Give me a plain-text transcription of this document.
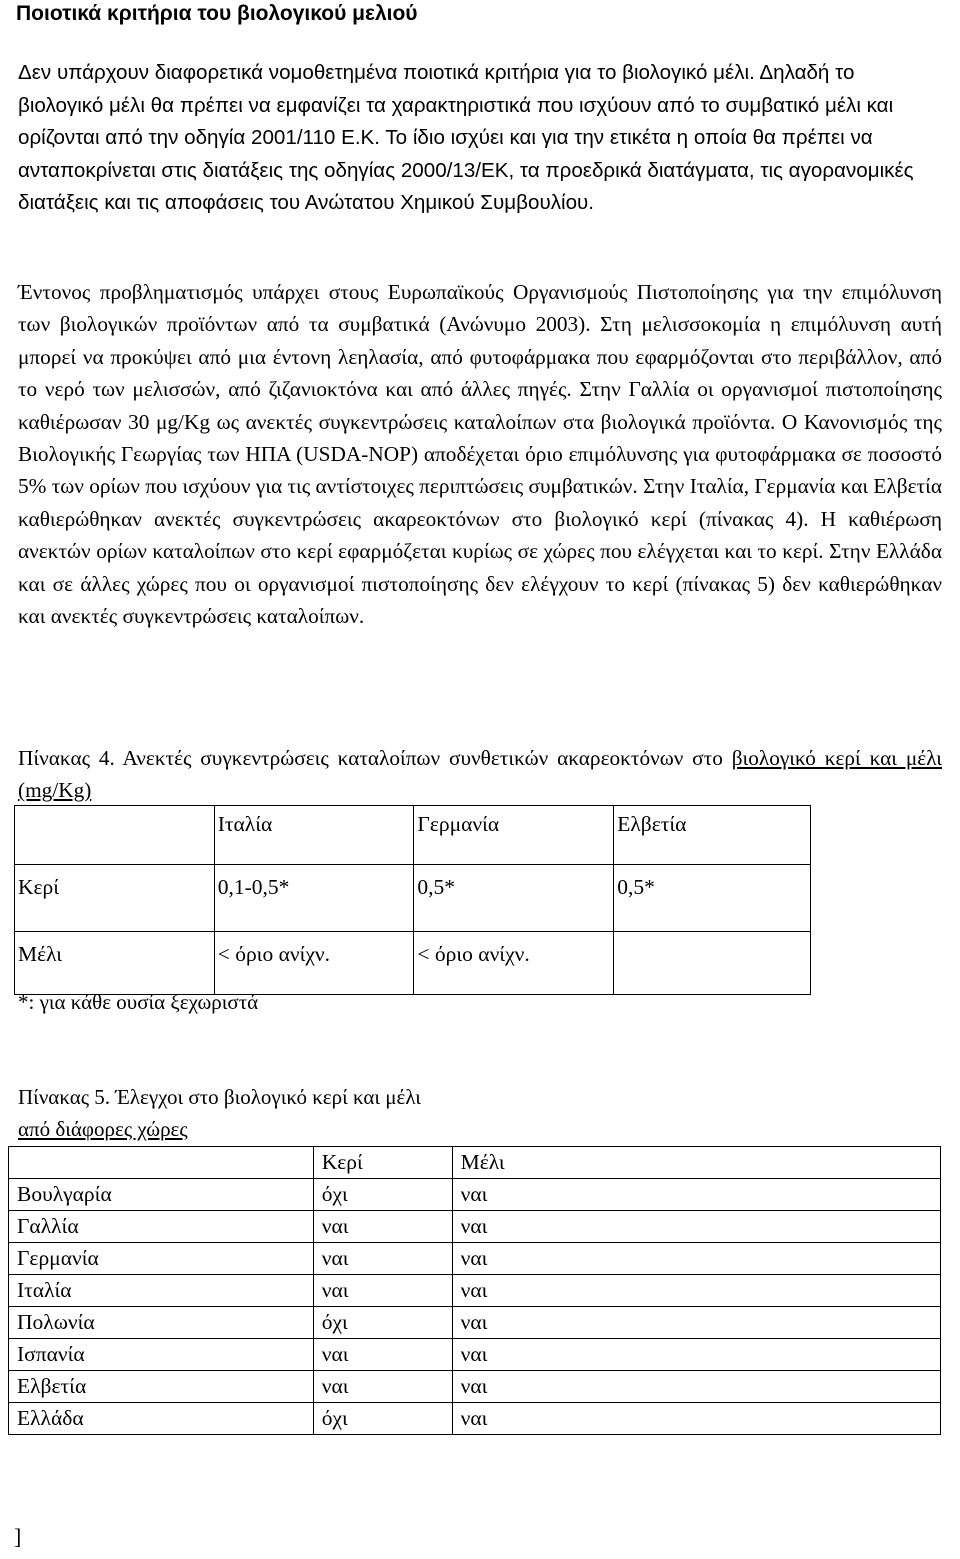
Ποιοτικά κριτήρια του βιολογικού μελιού

Δεν υπάρχουν διαφορετικά νομοθετημένα ποιοτικά κριτήρια για το βιολογικό μέλι. Δηλαδή το βιολογικό μέλι θα πρέπει να εμφανίζει τα χαρακτηριστικά που ισχύουν από το συμβατικό μέλι και ορίζονται από την οδηγία 2001/110 Ε.Κ. Το ίδιο ισχύει και για την ετικέτα η οποία θα πρέπει να ανταποκρίνεται στις διατάξεις της οδηγίας 2000/13/ΕΚ, τα προεδρικά διατάγματα, τις αγορανομικές διατάξεις και τις αποφάσεις του Ανώτατου Χημικού Συμβουλίου.

Έντονος προβληματισμός υπάρχει στους Ευρωπαϊκούς Οργανισμούς Πιστοποίησης για την επιμόλυνση των βιολογικών προϊόντων από τα συμβατικά (Ανώνυμο 2003). Στη μελισσοκομία η επιμόλυνση αυτή μπορεί να προκύψει από μια έντονη λεηλασία, από φυτοφάρμακα που εφαρμόζονται στο περιβάλλον, από το νερό των μελισσών, από ζιζανιοκτόνα και από άλλες πηγές. Στην Γαλλία οι οργανισμοί πιστοποίησης καθιέρωσαν 30 μg/Kg ως ανεκτές συγκεντρώσεις καταλοίπων στα βιολογικά προϊόντα. Ο Κανονισμός της Βιολογικής Γεωργίας των ΗΠΑ (USDA-NOP) αποδέχεται όριο επιμόλυνσης για φυτοφάρμακα σε ποσοστό 5% των ορίων που ισχύουν για τις αντίστοιχες περιπτώσεις συμβατικών. Στην Ιταλία, Γερμανία και Ελβετία καθιερώθηκαν ανεκτές συγκεντρώσεις ακαρεοκτόνων στο βιολογικό κερί (πίνακας 4). Η καθιέρωση ανεκτών ορίων καταλοίπων στο κερί εφαρμόζεται κυρίως σε χώρες που ελέγχεται και το κερί. Στην Ελλάδα και σε άλλες χώρες που οι οργανισμοί πιστοποίησης δεν ελέγχουν το κερί (πίνακας 5) δεν καθιερώθηκαν και ανεκτές συγκεντρώσεις καταλοίπων.

Πίνακας 4. Ανεκτές συγκεντρώσεις καταλοίπων συνθετικών ακαρεοκτόνων στο βιολογικό κερί και μέλι (mg/Kg)

	Ιταλία	Γερμανία	Ελβετία
Κερί	0,1-0,5*	0,5*	0,5*
Μέλι	< όριο ανίχν.	< όριο ανίχν.	
*: για κάθε ουσία ξεχωριστά
Πίνακας 5. Έλεγχοι στο βιολογικό κερί και μέλι
από διάφορες χώρες
	Κερί	Μέλι
Βουλγαρία	όχι	ναι
Γαλλία	ναι	ναι
Γερμανία	ναι	ναι
Ιταλία	ναι	ναι
Πολωνία	όχι	ναι
Ισπανία	ναι	ναι
Ελβετία	ναι	ναι
Ελλάδα	όχι	ναι
]
